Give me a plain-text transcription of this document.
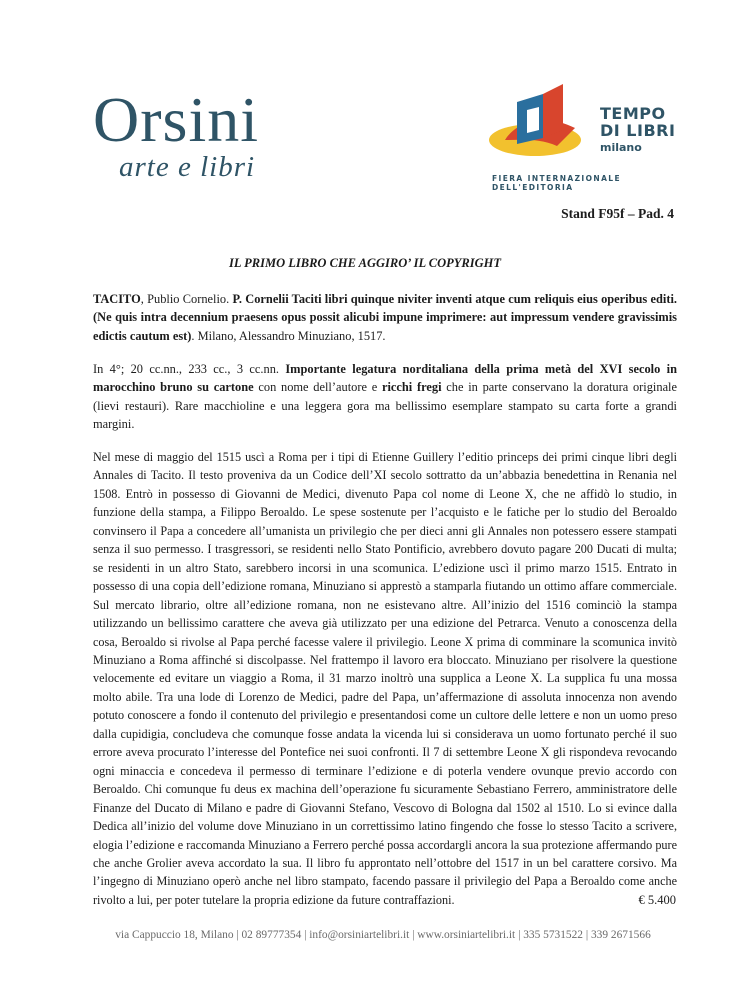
Orsini

arte e libri

TEMPO
DI LIBRI
milano
FIERA INTERNAZIONALE DELL'EDITORIA
Stand F95f – Pad. 4
IL PRIMO LIBRO CHE AGGIRO’ IL COPYRIGHT

TACITO, Publio Cornelio. P. Cornelii Taciti libri quinque niviter inventi atque cum reliquis eius operibus editi. (Ne quis intra decennium praesens opus possit alicubi impune imprimere: aut impressum vendere gravissimis edictis cautum est). Milano, Alessandro Minuziano, 1517.

In 4°; 20 cc.nn., 233 cc., 3 cc.nn. Importante legatura norditaliana della prima metà del XVI secolo in marocchino bruno su cartone con nome dell’autore e ricchi fregi che in parte conservano la doratura originale (lievi restauri). Rare macchioline e una leggera gora ma bellissimo esemplare stampato su carta forte a grandi margini.

Nel mese di maggio del 1515 uscì a Roma per i tipi di Etienne Guillery l’editio princeps dei primi cinque libri degli Annales di Tacito. Il testo proveniva da un Codice dell’XI secolo sottratto da un’abbazia benedettina in Renania nel 1508. Entrò in possesso di Giovanni de Medici, divenuto Papa col nome di Leone X, che ne affidò lo studio, in funzione della stampa, a Filippo Beroaldo. Le spese sostenute per l’acquisto e le fatiche per lo studio del Beroaldo convinsero il Papa a concedere all’umanista un privilegio che per dieci anni gli Annales non potessero essere stampati senza il suo permesso. I trasgressori, se residenti nello Stato Pontificio, avrebbero dovuto pagare 200 Ducati di multa; se residenti in un altro Stato, sarebbero incorsi in una scomunica. L’edizione uscì il primo marzo 1515. Entrato in possesso di una copia dell’edizione romana, Minuziano si apprestò a stamparla fiutando un ottimo affare commerciale. Sul mercato librario, oltre all’edizione romana, non ne esistevano altre. All’inizio del 1516 cominciò la stampa utilizzando un bellissimo carattere che aveva già utilizzato per una edizione del Petrarca. Venuto a conoscenza della cosa, Beroaldo si rivolse al Papa perché facesse valere il privilegio. Leone X prima di comminare la scomunica invitò Minuziano a Roma affinché si discolpasse. Nel frattempo il lavoro era bloccato. Minuziano per risolvere la questione velocemente ed evitare un viaggio a Roma, il 31 marzo inoltrò una supplica a Leone X. La supplica fu una mossa molto abile. Tra una lode di Lorenzo de Medici, padre del Papa, un’affermazione di assoluta innocenza non avendo potuto conoscere a fondo il contenuto del privilegio e presentandosi come un cultore delle lettere e non un uomo preso dalla cupidigia, concludeva che comunque fosse andata la vicenda lui si considerava un uomo fortunato perché il suo errore aveva procurato l’interesse del Pontefice nei suoi confronti. Il 7 di settembre Leone X gli rispondeva revocando ogni minaccia e concedeva il permesso di terminare l’edizione e di poterla vendere ovunque previo accordo con Beroaldo. Chi comunque fu deus ex machina dell’operazione fu sicuramente Sebastiano Ferrero, amministratore delle Finanze del Ducato di Milano e padre di Giovanni Stefano, Vescovo di Bologna dal 1502 al 1510. Lo si evince dalla Dedica all’inizio del volume dove Minuziano in un correttissimo latino fingendo che fosse lo stesso Tacito a scrivere, elogia l’edizione e raccomanda Minuziano a Ferrero perché possa accordargli ancora la sua protezione affermando pure che anche Grolier aveva accordato la sua. Il libro fu approntato nell’ottobre del 1517 in un bel carattere corsivo. Ma l’ingegno di Minuziano operò anche nel libro stampato, facendo passare il privilegio del Papa a Beroaldo come anche rivolto a lui, per poter tutelare la propria edizione da future contraffazioni.	€ 5.400
via Cappuccio 18, Milano | 02 89777354 | info@orsiniartelibri.it | www.orsiniartelibri.it | 335 5731522 | 339 2671566
